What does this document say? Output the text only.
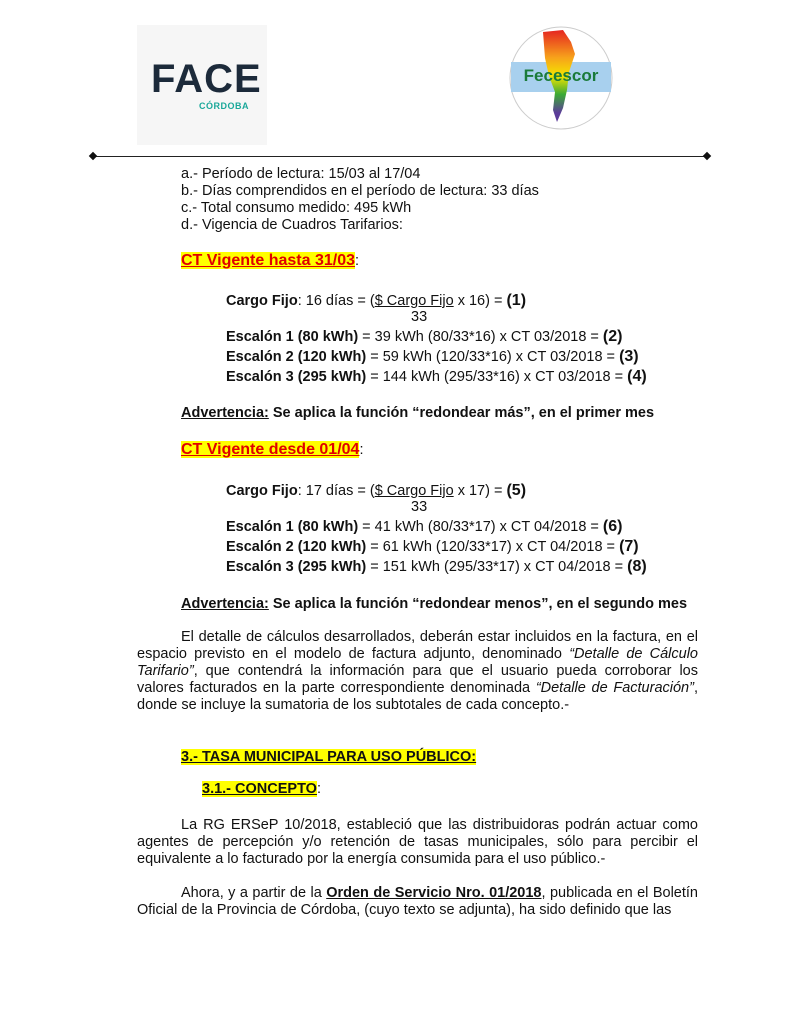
FACE
CÓRDOBA
Fecescor
a.- Período de lectura: 15/03 al 17/04
b.- Días comprendidos en el período de lectura: 33 días
c.- Total consumo medido: 495 kWh
d.- Vigencia de Cuadros Tarifarios:
CT Vigente hasta 31/03:
Cargo Fijo: 16 días = ($ Cargo Fijo x 16) = (1)
33
Escalón 1 (80 kWh) = 39 kWh (80/33*16) x CT 03/2018 = (2)
Escalón 2 (120 kWh) = 59 kWh (120/33*16) x CT 03/2018 = (3)
Escalón 3 (295 kWh) = 144 kWh (295/33*16) x CT 03/2018 = (4)
Advertencia: Se aplica la función “redondear más”, en el primer mes
CT Vigente desde 01/04:
Cargo Fijo: 17 días = ($ Cargo Fijo x 17) = (5)
33
Escalón 1 (80 kWh) = 41 kWh (80/33*17) x CT 04/2018 = (6)
Escalón 2 (120 kWh) = 61 kWh (120/33*17) x CT 04/2018 = (7)
Escalón 3 (295 kWh) = 151 kWh (295/33*17) x CT 04/2018 = (8)
Advertencia: Se aplica la función “redondear menos”, en el segundo mes
El detalle de cálculos desarrollados, deberán estar incluidos en la factura, en el espacio previsto en el modelo de factura adjunto, denominado “Detalle de Cálculo Tarifario”, que contendrá la información para que el usuario pueda corroborar los valores facturados en la parte correspondiente denominada “Detalle de Facturación”, donde se incluye la sumatoria de los subtotales de cada concepto.-
3.- TASA MUNICIPAL PARA USO PÚBLICO:
3.1.- CONCEPTO:
La RG ERSeP 10/2018, estableció que las distribuidoras podrán actuar como agentes de percepción y/o retención de tasas municipales, sólo para percibir el equivalente a lo facturado por la energía consumida para el uso público.-
Ahora, y a partir de la Orden de Servicio Nro. 01/2018, publicada en el Boletín Oficial de la Provincia de Córdoba, (cuyo texto se adjunta), ha sido definido que las
